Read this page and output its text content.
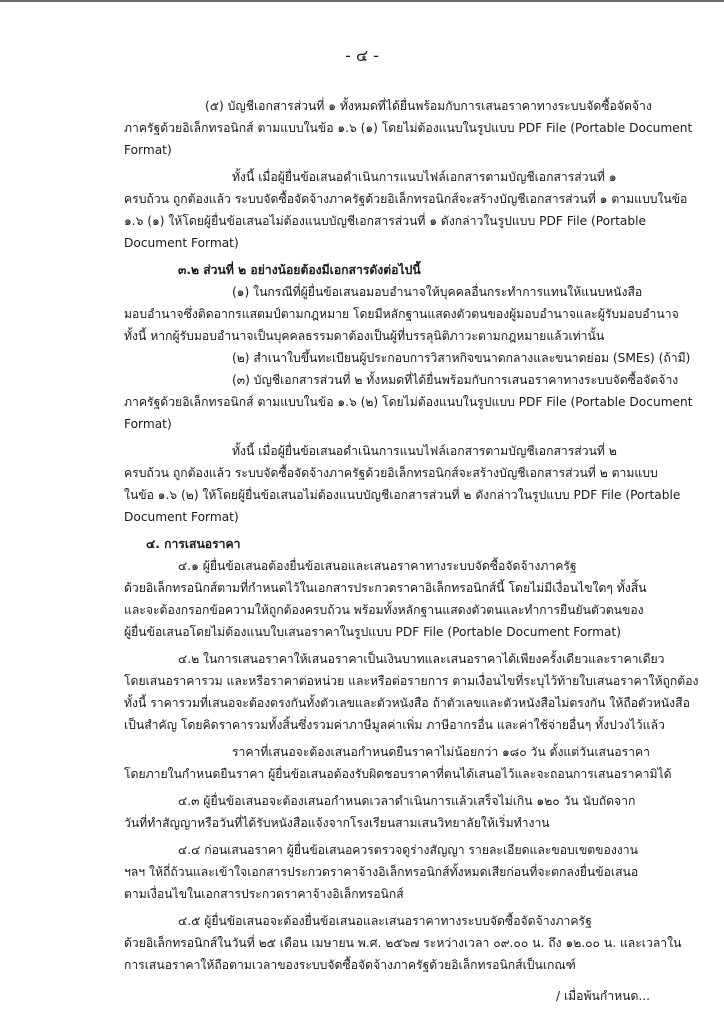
- ๔ -
(๕) บัญชีเอกสารส่วนที่ ๑ ทั้งหมดที่ได้ยื่นพร้อมกับการเสนอราคาทางระบบจัดซื้อจัดจ้าง
ภาครัฐด้วยอิเล็กทรอนิกส์ ตามแบบในข้อ ๑.๖ (๑) โดยไม่ต้องแนบในรูปแบบ PDF File (Portable Document
Format)
ทั้งนี้ เมื่อผู้ยื่นข้อเสนอดำเนินการแนบไฟล์เอกสารตามบัญชีเอกสารส่วนที่ ๑
ครบถ้วน ถูกต้องแล้ว ระบบจัดซื้อจัดจ้างภาครัฐด้วยอิเล็กทรอนิกส์จะสร้างบัญชีเอกสารส่วนที่ ๑ ตามแบบในข้อ
๑.๖ (๑) ให้โดยผู้ยื่นข้อเสนอไม่ต้องแนบบัญชีเอกสารส่วนที่ ๑ ดังกล่าวในรูปแบบ PDF File (Portable
Document Format)
๓.๒ ส่วนที่ ๒ อย่างน้อยต้องมีเอกสารดังต่อไปนี้
(๑) ในกรณีที่ผู้ยื่นข้อเสนอมอบอำนาจให้บุคคลอื่นกระทำการแทนให้แนบหนังสือ
มอบอำนาจซึ่งติดอากรแสตมป์ตามกฎหมาย โดยมีหลักฐานแสดงตัวตนของผู้มอบอำนาจและผู้รับมอบอำนาจ
ทั้งนี้ หากผู้รับมอบอำนาจเป็นบุคคลธรรมดาต้องเป็นผู้ที่บรรลุนิติภาวะตามกฎหมายแล้วเท่านั้น
(๒) สำเนาใบขึ้นทะเบียนผู้ประกอบการวิสาหกิจขนาดกลางและขนาดย่อม (SMEs) (ถ้ามี)
(๓) บัญชีเอกสารส่วนที่ ๒ ทั้งหมดที่ได้ยื่นพร้อมกับการเสนอราคาทางระบบจัดซื้อจัดจ้าง
ภาครัฐด้วยอิเล็กทรอนิกส์ ตามแบบในข้อ ๑.๖ (๒) โดยไม่ต้องแนบในรูปแบบ PDF File (Portable Document
Format)
ทั้งนี้ เมื่อผู้ยื่นข้อเสนอดำเนินการแนบไฟล์เอกสารตามบัญชีเอกสารส่วนที่ ๒
ครบถ้วน ถูกต้องแล้ว ระบบจัดซื้อจัดจ้างภาครัฐด้วยอิเล็กทรอนิกส์จะสร้างบัญชีเอกสารส่วนที่ ๒ ตามแบบ
ในข้อ ๑.๖ (๒) ให้โดยผู้ยื่นข้อเสนอไม่ต้องแนบบัญชีเอกสารส่วนที่ ๒ ดังกล่าวในรูปแบบ PDF File (Portable
Document Format)
๔. การเสนอราคา
๔.๑ ผู้ยื่นข้อเสนอต้องยื่นข้อเสนอและเสนอราคาทางระบบจัดซื้อจัดจ้างภาครัฐ
ด้วยอิเล็กทรอนิกส์ตามที่กำหนดไว้ในเอกสารประกวดราคาอิเล็กทรอนิกส์นี้ โดยไม่มีเงื่อนไขใดๆ ทั้งสิ้น
และจะต้องกรอกข้อความให้ถูกต้องครบถ้วน พร้อมทั้งหลักฐานแสดงตัวตนและทำการยืนยันตัวตนของ
ผู้ยื่นข้อเสนอโดยไม่ต้องแนบใบเสนอราคาในรูปแบบ PDF File (Portable Document Format)
๔.๒ ในการเสนอราคาให้เสนอราคาเป็นเงินบาทและเสนอราคาได้เพียงครั้งเดียวและราคาเดียว
โดยเสนอราคารวม และหรือราคาต่อหน่วย และหรือต่อรายการ ตามเงื่อนไขที่ระบุไว้ท้ายใบเสนอราคาให้ถูกต้อง
ทั้งนี้ ราคารวมที่เสนอจะต้องตรงกันทั้งตัวเลขและตัวหนังสือ ถ้าตัวเลขและตัวหนังสือไม่ตรงกัน ให้ถือตัวหนังสือ
เป็นสำคัญ โดยคิดราคารวมทั้งสิ้นซึ่งรวมค่าภาษีมูลค่าเพิ่ม ภาษีอากรอื่น และค่าใช้จ่ายอื่นๆ ทั้งปวงไว้แล้ว
ราคาที่เสนอจะต้องเสนอกำหนดยืนราคาไม่น้อยกว่า ๑๘๐ วัน ตั้งแต่วันเสนอราคา
โดยภายในกำหนดยืนราคา ผู้ยื่นข้อเสนอต้องรับผิดชอบราคาที่ตนได้เสนอไว้และจะถอนการเสนอราคามิได้
๔.๓ ผู้ยื่นข้อเสนอจะต้องเสนอกำหนดเวลาดำเนินการแล้วเสร็จไม่เกิน ๑๒๐ วัน นับถัดจาก
วันที่ทำสัญญาหรือวันที่ได้รับหนังสือแจ้งจากโรงเรียนสามเสนวิทยาลัยให้เริ่มทำงาน
๔.๔ ก่อนเสนอราคา ผู้ยื่นข้อเสนอควรตรวจดูร่างสัญญา รายละเอียดและขอบเขตของงาน
ฯลฯ ให้ถี่ถ้วนและเข้าใจเอกสารประกวดราคาจ้างอิเล็กทรอนิกส์ทั้งหมดเสียก่อนที่จะตกลงยื่นข้อเสนอ
ตามเงื่อนไขในเอกสารประกวดราคาจ้างอิเล็กทรอนิกส์
๔.๕ ผู้ยื่นข้อเสนอจะต้องยื่นข้อเสนอและเสนอราคาทางระบบจัดซื้อจัดจ้างภาครัฐ
ด้วยอิเล็กทรอนิกส์ในวันที่ ๒๕ เดือน เมษายน พ.ศ. ๒๕๖๗ ระหว่างเวลา ๐๙.๐๐ น. ถึง ๑๒.๐๐ น. และเวลาใน
การเสนอราคาให้ถือตามเวลาของระบบจัดซื้อจัดจ้างภาครัฐด้วยอิเล็กทรอนิกส์เป็นเกณฑ์
/ เมื่อพ้นกำหนด...
